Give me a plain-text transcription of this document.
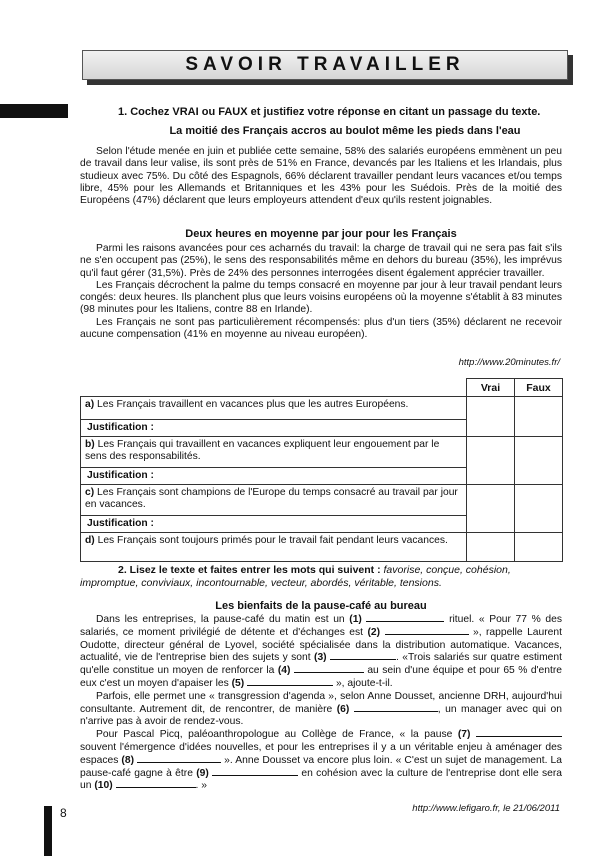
SAVOIR TRAVAILLER
1. Cochez VRAI ou FAUX et justifiez votre réponse en citant un passage du texte.
La moitié des Français accros au boulot même les pieds dans l'eau

Selon l'étude menée en juin et publiée cette semaine, 58% des salariés européens emmènent un peu de travail dans leur valise, ils sont près de 51% en France, devancés par les Italiens et les Irlandais, plus studieux avec 75%. Du côté des Espagnols, 66% déclarent travailler pendant leurs vacances et/ou temps libre, 45% pour les Allemands et Britanniques et les 43% pour les Suédois. Près de la moitié des Européens (47%) déclarent que leurs employeurs attendent d'eux qu'ils restent joignables.

Deux heures en moyenne par jour pour les Français

Parmi les raisons avancées pour ces acharnés du travail: la charge de travail qui ne sera pas fait s'ils ne s'en occupent pas (25%), le sens des responsabilités même en dehors du bureau (35%), les imprévus qu'il faut gérer (31,5%). Près de 24% des personnes interrogées disent également apprécier travailler.

Les Français décrochent la palme du temps consacré en moyenne par jour à leur travail pendant leurs congés: deux heures. Ils planchent plus que leurs voisins européens où la moyenne s'établit à 83 minutes (98 minutes pour les Italiens, contre 88 en Irlande).

Les Français ne sont pas particulièrement récompensés: plus d'un tiers (35%) déclarent ne recevoir aucune compensation (41% en moyenne au niveau européen).

http://www.20minutes.fr/
	Vrai	Faux
a) Les Français travaillent en vacances plus que les autres Européens.		
Justification :		
b) Les Français qui travaillent en vacances expliquent leur engouement par le sens des responsabilités.		
Justification :		
c) Les Français sont champions de l'Europe du temps consacré au travail par jour en vacances.		
Justification :		
d) Les Français sont toujours primés pour le travail fait pendant leurs vacances.		
2. Lisez le texte et faites entrer les mots qui suivent : favorise, conçue, cohésion, impromptue, conviviaux, incontournable, vecteur, abordés, véritable, tensions.
Les bienfaits de la pause-café au bureau

Dans les entreprises, la pause-café du matin est un (1)	rituel. « Pour 77 % des salariés, ce moment privilégié de détente et d'échanges est (2)	», rappelle Laurent Oudotte, directeur général de Lyovel, société spécialisée dans la distribution automatique. Vacances, actualité, vie de l'entreprise bien des sujets y sont (3)	. «Trois salariés sur quatre estiment qu'elle constitue un moyen de renforcer la (4)	au sein d'une équipe et pour 65 % d'entre eux c'est un moyen d'apaiser les (5)	», ajoute-t-il.

Parfois, elle permet une « transgression d'agenda », selon Anne Dousset, ancienne DRH, aujourd'hui consultante. Autrement dit, de rencontrer, de manière (6)	, un manager avec qui on n'arrive pas à avoir de rendez-vous.

Pour Pascal Picq, paléoanthropologue au Collège de France, « la pause (7)  souvent l'émergence d'idées nouvelles, et pour les entreprises il y a un véritable enjeu à aménager des espaces (8)	». Anne Dousset va encore plus loin. « C'est un sujet de management. La pause-café gagne à être (9)	en cohésion avec la culture de l'entreprise dont elle sera un (10)	. »

http://www.lefigaro.fr, le 21/06/2011
8
